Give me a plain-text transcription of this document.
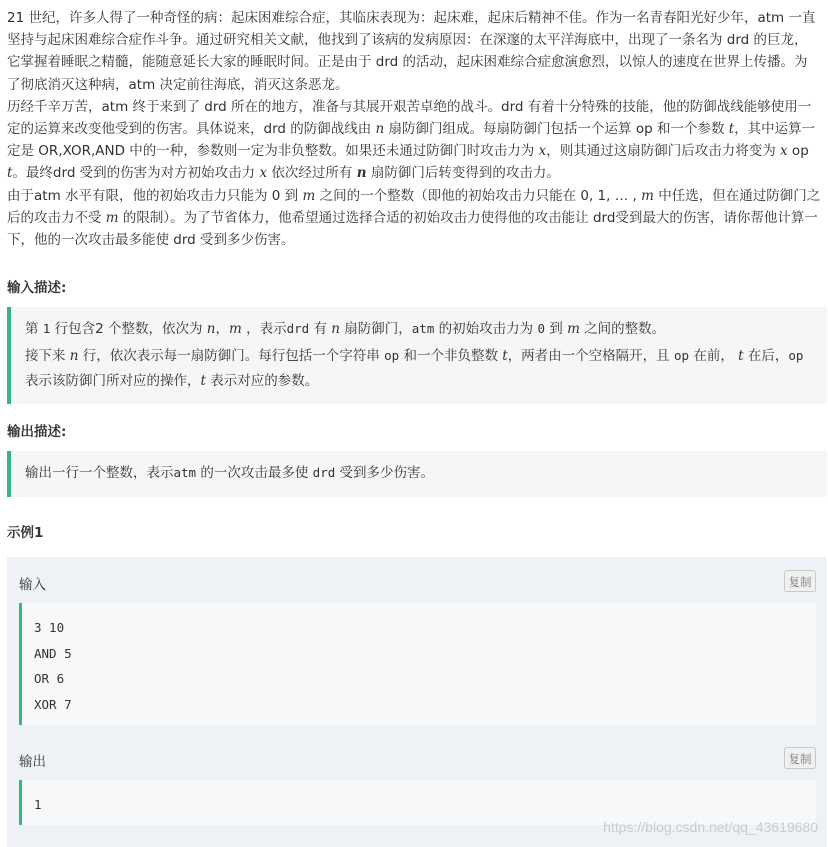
21 世纪，许多人得了一种奇怪的病：起床困难综合症，其临床表现为：起床难，起床后精神不佳。作为一名青春阳光好少年，atm 一直坚持与起床困难综合症作斗争。通过研究相关文献，他找到了该病的发病原因：在深邃的太平洋海底中，出现了一条名为 drd 的巨龙，它掌握着睡眠之精髓，能随意延长大家的睡眠时间。正是由于 drd 的活动，起床困难综合症愈演愈烈，以惊人的速度在世界上传播。为了彻底消灭这种病，atm 决定前往海底，消灭这条恶龙。

历经千辛万苦，atm 终于来到了 drd 所在的地方，准备与其展开艰苦卓绝的战斗。drd 有着十分特殊的技能，他的防御战线能够使用一定的运算来改变他受到的伤害。具体说来，drd 的防御战线由 n 扇防御门组成。每扇防御门包括一个运算 op 和一个参数 t，其中运算一定是 OR,XOR,AND 中的一种，参数则一定为非负整数。如果还未通过防御门时攻击力为 x，则其通过这扇防御门后攻击力将变为 x op t。最终drd 受到的伤害为对方初始攻击力 x 依次经过所有 n 扇防御门后转变得到的攻击力。

由于atm 水平有限，他的初始攻击力只能为 0 到 m 之间的一个整数（即他的初始攻击力只能在 0, 1, … , m 中任选，但在通过防御门之后的攻击力不受 m 的限制）。为了节省体力，他希望通过选择合适的初始攻击力使得他的攻击能让 drd受到最大的伤害，请你帮他计算一下，他的一次攻击最多能使 drd 受到多少伤害。

输入描述:
第 1 行包含2 个整数，依次为 n，m ，表示drd 有 n 扇防御门，atm 的初始攻击力为 0 到 m 之间的整数。
接下来 n 行，依次表示每一扇防御门。每行包括一个字符串 op 和一个非负整数 t，两者由一个空格隔开，且 op 在前， t 在后，op 表示该防御门所对应的操作，t 表示对应的参数。
输出描述:
输出一行一个整数，表示atm 的一次攻击最多使 drd 受到多少伤害。
示例1
输入	复制
3 10
AND 5
OR 6
XOR 7
输出	复制
1
https://blog.csdn.net/qq_43619680
